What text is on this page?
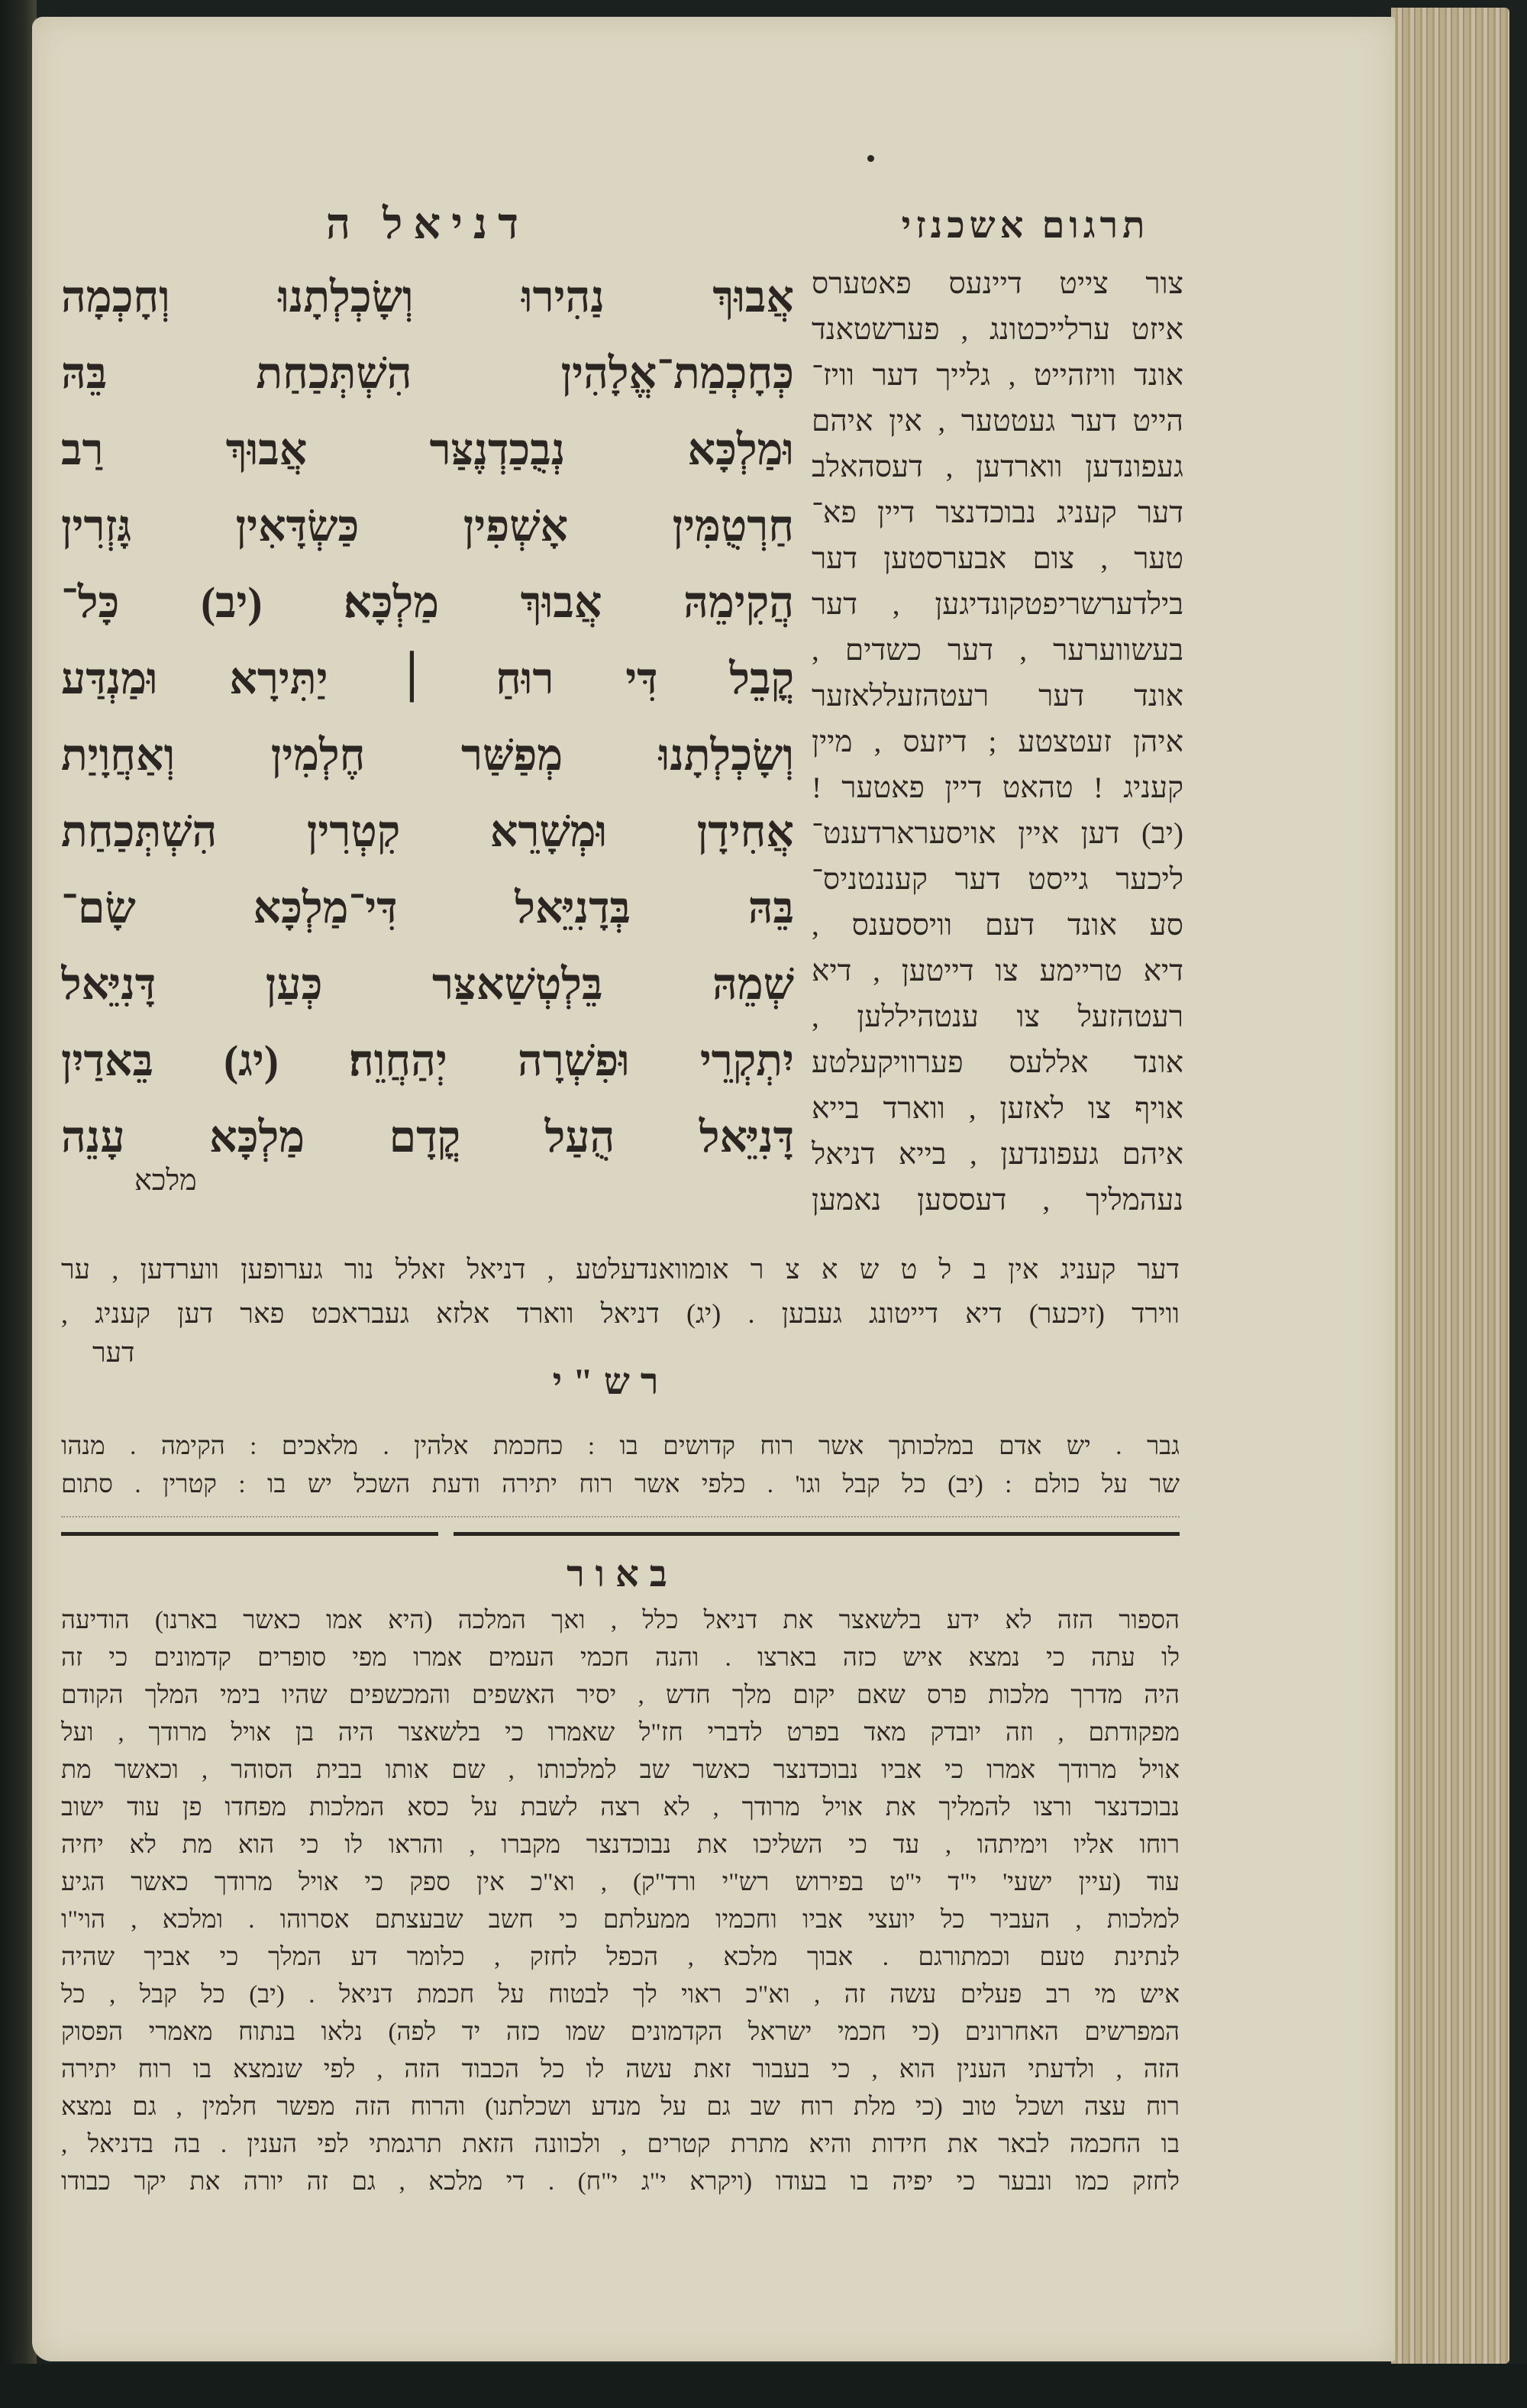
דניאל ה	תרגום אשכנזי
אֲבוּךְ נַהִירוּ וְשָׂכְלְתָנוּ וְחָכְמָה
כְּחָכְמַת־אֱלָהִין הִשְׁתְּכַחַת בֵּהּ
וּמַלְכָּא נְבֻכַדְנֶצַּר אֲבוּךְ רַב
חַרְטֻמִּין אָשְׁפִין כַּשְׂדָּאִין גָּזְרִין
הֲקִימֵהּ אֲבוּךְ מַלְכָּא׃ (יב) כָּל־
קֳבֵל דִּי רוּחַ ׀ יַתִּירָא וּמַנְדַּע
וְשָׂכְלְתָנוּ מְפַשַּׁר חֶלְמִין וְאַחֲוָיַת
אֲחִידָן וּמְשָׁרֵא קִטְרִין הִשְׁתְּכַחַת
בֵּהּ בְּדָנִיֵּאל דִּי־מַלְכָּא שָׂם־
שְׁמֵהּ בֵּלְטְשַׁאצַּר כְּעַן דָּנִיֵּאל
יִתְקְרֵי וּפִשְׁרָה יְהַחֲוֵה׃ (יג) בֵּאדַיִן
דָּנִיֵּאל הֻעַל קֳדָם מַלְכָּא עָנֵה
צור צייט דיינעס פאטערס
איזט ערלייכטונג , פערשטאנד
אונד וויזהייט , גלייך דער וויז־
הייט דער געטטער , אין איהם
געפונדען ווארדען , דעסהאלב
דער קעניג נבוכדנצר דיין פא־
טער , צום אבערסטען דער
בילדערשריפטקונדיגען , דער
בעשווערער , דער כשדים ,
אונד דער רעטהזעללאזער
איהן זעטצטע ; דיזעס , מיין
קעניג ! טהאט דיין פאטער !
(יב) דען איין אויסערארדענט־
ליכער גייסט דער קעננטניס־
סע אונד דעם וויססענס ,
דיא טריימע צו דייטען , דיא
רעטהזעל צו ענטהיללען ,
אונד אללעס פערוויקעלטע
אויף צו לאזען , ווארד בייא
איהם געפונדען , בייא דניאל
נעהמליך , דעססען נאמען
מלכא
דער קעניג אין ב ל ט ש א צ ר אומוואנדעלטע , דניאל זאלל נור גערופען ווערדען , ער
ווירד (זיכער) דיא דייטונג געבען . (יג) דניאל ווארד אלזא געבראכט פאר דען קעניג ,
דער
רש"י
גבר . יש אדם במלכותך אשר רוח קדושים בו : כחכמת אלהין . מלאכים : הקימה . מנהו
שר על כולם : (יב) כל קבל וגו' . כלפי אשר רוח יתירה ודעת השכל יש בו : קטרין . סתום
באור
הספור הזה לא ידע בלשאצר את דניאל כלל , ואך המלכה (היא אמו כאשר בארנו) הודיעה
לו עתה כי נמצא איש כזה בארצו . והנה חכמי העמים אמרו מפי סופרים קדמונים כי זה
היה מדרך מלכות פרס שאם יקום מלך חדש , יסיר האשפים והמכשפים שהיו בימי המלך הקודם
מפקודתם , וזה יובדק מאד בפרט לדברי חז"ל שאמרו כי בלשאצר היה בן אויל מרודך , ועל
אויל מרודך אמרו כי אביו נבוכדנצר כאשר שב למלכותו , שם אותו בבית הסוהר , וכאשר מת
נבוכדנצר ורצו להמליך את אויל מרודך , לא רצה לשבת על כסא המלכות מפחדו פן עוד ישוב
רוחו אליו וימיתהו , עד כי השליכו את נבוכדנצר מקברו , והראו לו כי הוא מת לא יחיה
עוד (עיין ישעי' י"ד י"ט בפירוש רש"י ורד"ק) , וא"כ אין ספק כי אויל מרודך כאשר הגיע
למלכות , העביר כל יועצי אביו וחכמיו ממעלתם כי חשב שבעצתם אסרוהו . ומלכא , הוי"ו
לנתינת טעם וכמתורגם . אבוך מלכא , הכפל לחזק , כלומר דע המלך כי אביך שהיה
איש מי רב פעלים עשה זה , וא"כ ראוי לך לבטוח על חכמת דניאל . (יב) כל קבל , כל
המפרשים האחרונים (כי חכמי ישראל הקדמונים שמו כזה יד לפה) נלאו בנתוח מאמרי הפסוק
הזה , ולדעתי הענין הוא , כי בעבור זאת עשה לו כל הכבוד הזה , לפי שנמצא בו רוח יתירה
רוח עצה ושכל טוב (כי מלת רוח שב גם על מנדע ושכלתנו) והרוח הזה מפשר חלמין , גם נמצא
בו החכמה לבאר את חידות והיא מתרת קטרים , ולכוונה הזאת תרגמתי לפי הענין . בה בדניאל ,
לחזק כמו ונבער כי יפיה בו בעודו (ויקרא י"ג י"ח) . די מלכא , גם זה יורה את יקר כבודו
